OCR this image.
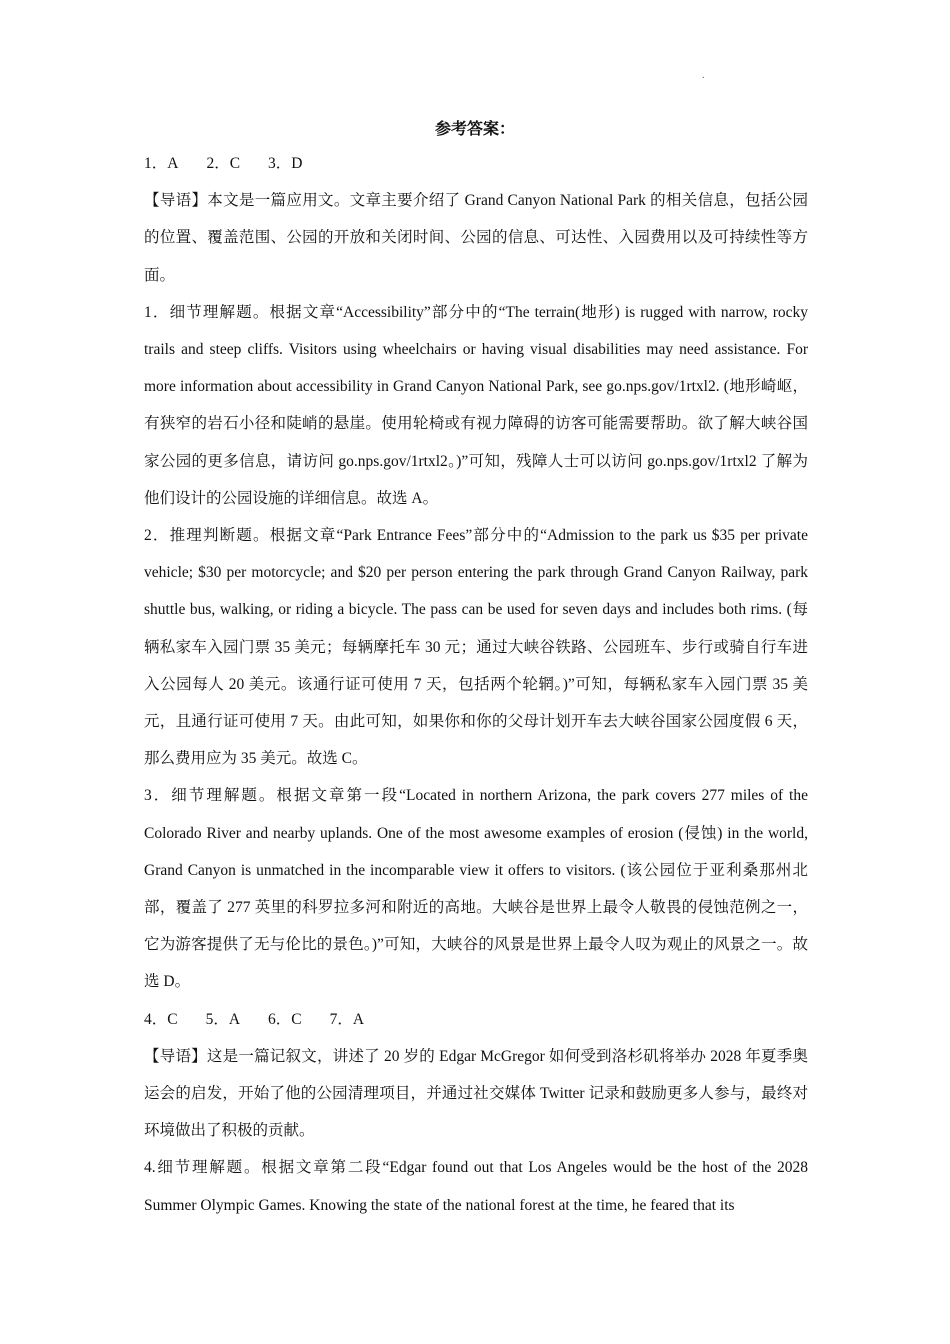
.
参考答案：

1．A 2．C 3．D

【导语】本文是一篇应用文。文章主要介绍了 Grand Canyon National Park 的相关信息，包括公园的位置、覆盖范围、公园的开放和关闭时间、公园的信息、可达性、入园费用以及可持续性等方面。

1．细节理解题。根据文章“Accessibility”部分中的“The terrain(地形) is rugged with narrow, rocky trails and steep cliffs. Visitors using wheelchairs or having visual disabilities may need assistance. For more information about accessibility in Grand Canyon National Park, see go.nps.gov/1rtxl2. (地形崎岖，有狭窄的岩石小径和陡峭的悬崖。使用轮椅或有视力障碍的访客可能需要帮助。欲了解大峡谷国家公园的更多信息，请访问 go.nps.gov/1rtxl2。)”可知，残障人士可以访问 go.nps.gov/1rtxl2 了解为他们设计的公园设施的详细信息。故选 A。

2．推理判断题。根据文章“Park Entrance Fees”部分中的“Admission to the park us $35 per private vehicle; $30 per motorcycle; and $20 per person entering the park through Grand Canyon Railway, park shuttle bus, walking, or riding a bicycle. The pass can be used for seven days and includes both rims. (每辆私家车入园门票 35 美元；每辆摩托车 30 元；通过大峡谷铁路、公园班车、步行或骑自行车进入公园每人 20 美元。该通行证可使用 7 天，包括两个轮辋。)”可知，每辆私家车入园门票 35 美元，且通行证可使用 7 天。由此可知，如果你和你的父母计划开车去大峡谷国家公园度假 6 天，那么费用应为 35 美元。故选 C。

3．细节理解题。根据文章第一段“Located in northern Arizona, the park covers 277 miles of the Colorado River and nearby uplands. One of the most awesome examples of erosion (侵蚀) in the world, Grand Canyon is unmatched in the incomparable view it offers to visitors. (该公园位于亚利桑那州北部，覆盖了 277 英里的科罗拉多河和附近的高地。大峡谷是世界上最令人敬畏的侵蚀范例之一，它为游客提供了无与伦比的景色。)”可知，大峡谷的风景是世界上最令人叹为观止的风景之一。故选 D。

4．C 5．A 6．C 7．A

【导语】这是一篇记叙文，讲述了 20 岁的 Edgar McGregor 如何受到洛杉矶将举办 2028 年夏季奥运会的启发，开始了他的公园清理项目，并通过社交媒体 Twitter 记录和鼓励更多人参与，最终对环境做出了积极的贡献。

4.细节理解题。根据文章第二段“Edgar found out that Los Angeles would be the host of the 2028 Summer Olympic Games. Knowing the state of the national forest at the time, he feared that its
